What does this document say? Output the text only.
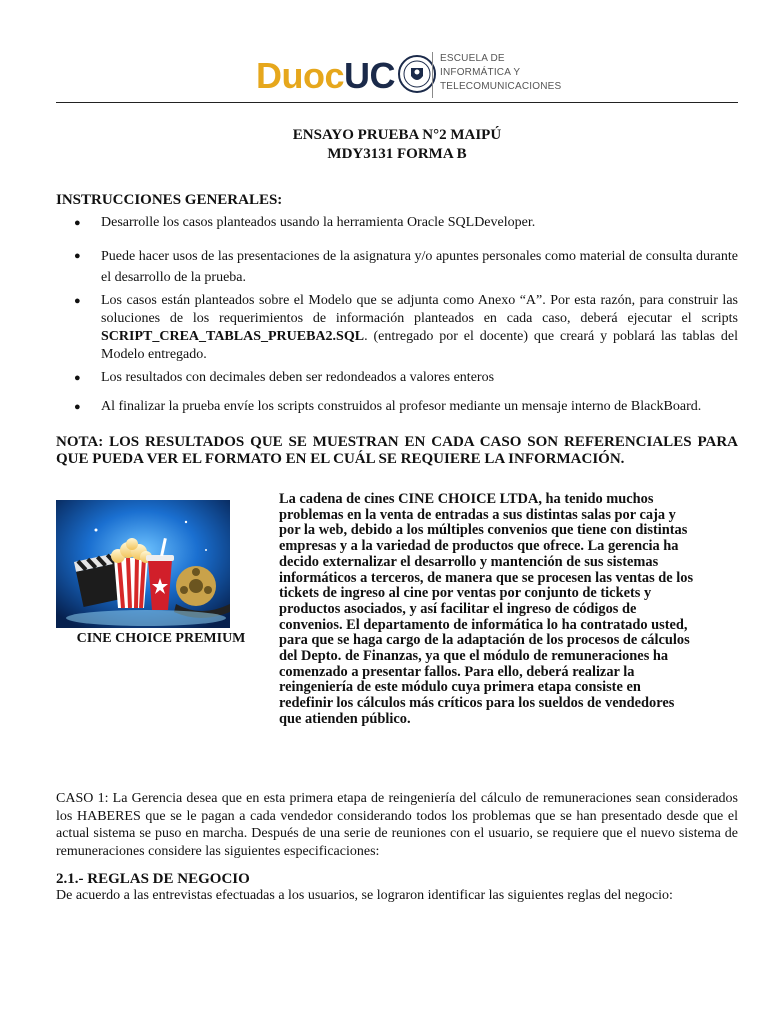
DuocUC	ESCUELA DE
INFORMÁTICA Y
TELECOMUNICACIONES
ENSAYO PRUEBA N°2 MAIPÚ
MDY3131 FORMA B
INSTRUCCIONES GENERALES:
●	Desarrolle los casos planteados usando la herramienta Oracle SQLDeveloper.
●	Puede hacer usos de las presentaciones de la asignatura y/o apuntes personales como material de consulta durante el desarrollo de la prueba.
●	Los casos están planteados sobre el Modelo que se adjunta como Anexo “A”. Por esta razón, para construir las soluciones de los requerimientos de información planteados en cada caso, deberá ejecutar el scripts SCRIPT_CREA_TABLAS_PRUEBA2.SQL. (entregado por el docente) que creará y poblará las tablas del Modelo entregado.
●	Los resultados con decimales deben ser redondeados a valores enteros
●	Al finalizar la prueba envíe los scripts construidos al profesor mediante un mensaje interno de BlackBoard.
NOTA: LOS RESULTADOS QUE SE MUESTRAN EN CADA CASO SON REFERENCIALES PARA QUE PUEDA VER EL FORMATO EN EL CUÁL SE REQUIERE LA INFORMACIÓN.
CINE CHOICE PREMIUM
La cadena de cines CINE CHOICE LTDA, ha tenido muchos
problemas en la venta de entradas a sus distintas salas por caja y
por la web, debido a los múltiples convenios que tiene con distintas
empresas y a la variedad de productos que ofrece. La gerencia ha
decido externalizar el desarrollo y mantención de sus sistemas
informáticos a terceros, de manera que se procesen las ventas de los
tickets de ingreso al cine por ventas por conjunto de tickets y
productos asociados, y así facilitar el ingreso de códigos de
convenios. El departamento de informática lo ha contratado usted,
para que se haga cargo de la adaptación de los procesos de cálculos
del Depto. de Finanzas, ya que el módulo de remuneraciones ha
comenzado a presentar fallos. Para ello, deberá realizar la
reingeniería de este módulo cuya primera etapa consiste en
redefinir los cálculos más críticos para los sueldos de vendedores
que atienden público.
CASO 1: La Gerencia desea que en esta primera etapa de reingeniería del cálculo de remuneraciones sean considerados los HABERES que se le pagan a cada vendedor considerando todos los problemas que se han presentado desde que el actual sistema se puso en marcha. Después de una serie de reuniones con el usuario, se requiere que el nuevo sistema de remuneraciones considere las siguientes especificaciones:
2.1.- REGLAS DE NEGOCIO
De acuerdo a las entrevistas efectuadas a los usuarios, se lograron identificar las siguientes reglas del negocio:
